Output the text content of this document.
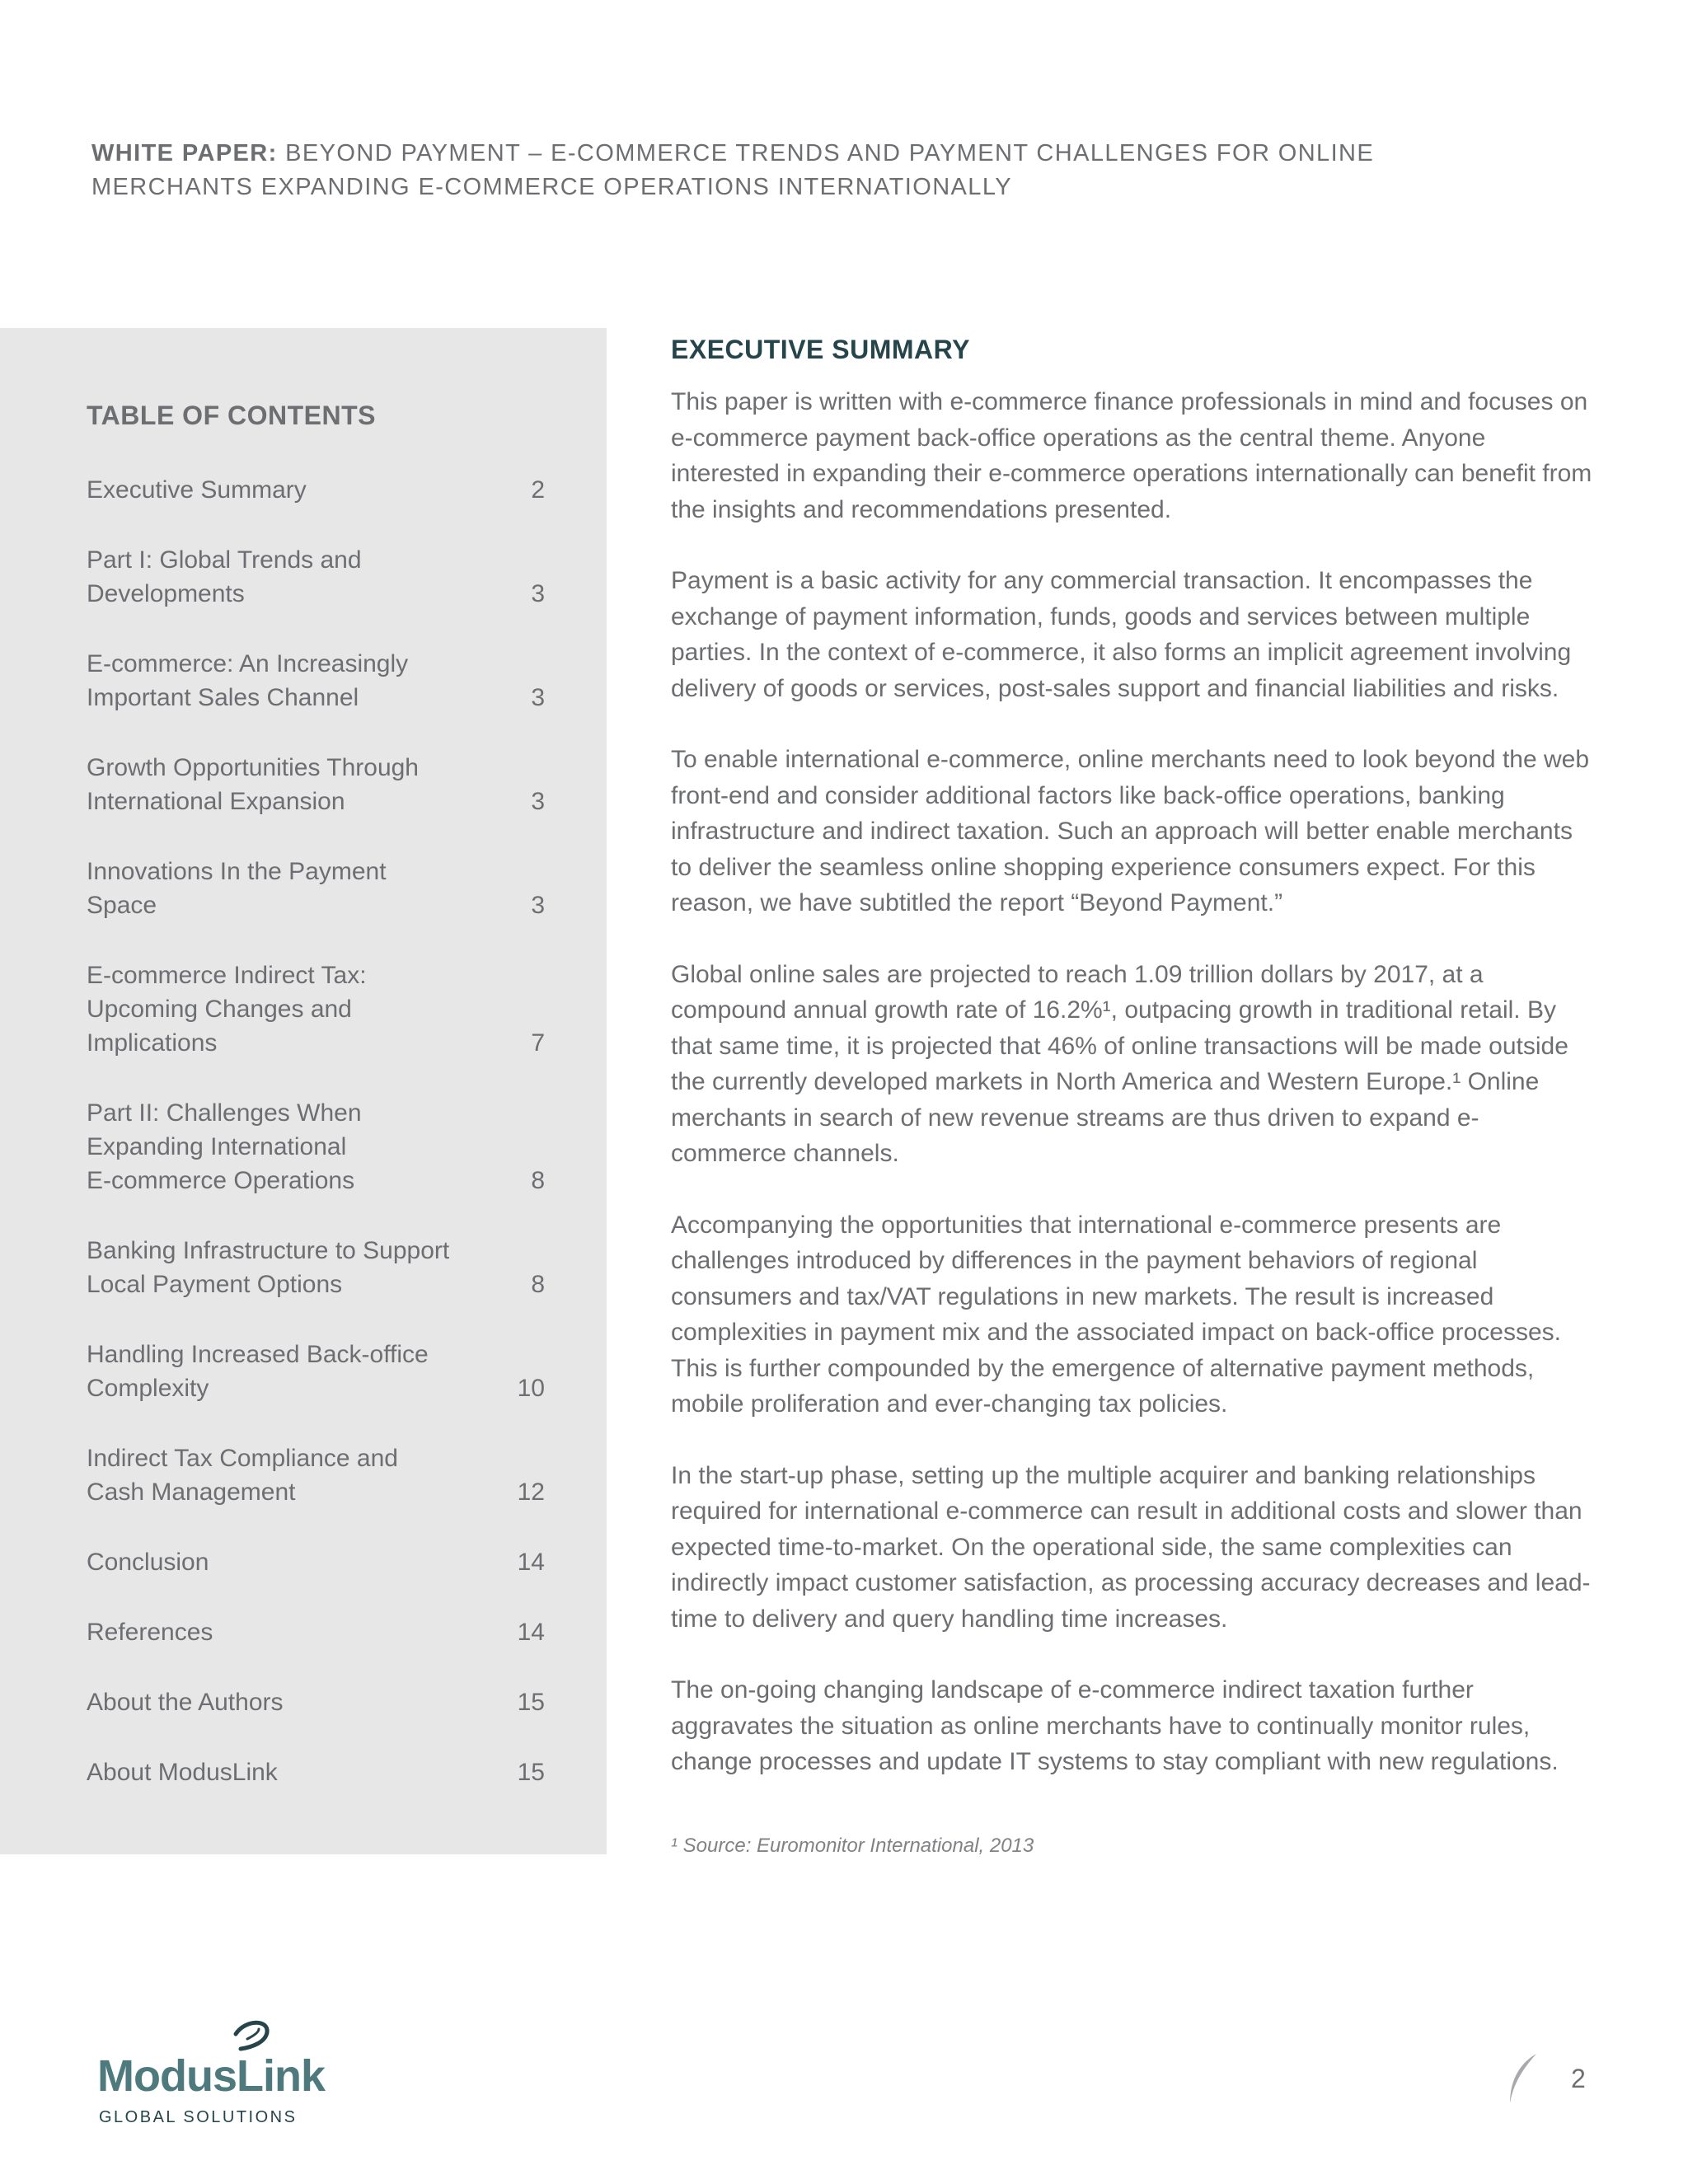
WHITE PAPER: BEYOND PAYMENT – E-COMMERCE TRENDS AND PAYMENT CHALLENGES FOR ONLINE MERCHANTS EXPANDING E-COMMERCE OPERATIONS INTERNATIONALLY
TABLE OF CONTENTS
Executive Summary	2
Part I: Global Trends and
Developments	3
E-commerce: An Increasingly
Important Sales Channel	3
Growth Opportunities Through
International Expansion	3
Innovations In the Payment
Space	3
E-commerce Indirect Tax:
Upcoming Changes and
Implications	7
Part II: Challenges When
Expanding International
E-commerce Operations	8
Banking Infrastructure to Support
Local Payment Options	8
Handling Increased Back-office
Complexity	10
Indirect Tax Compliance and
Cash Management	12
Conclusion	14
References	14
About the Authors	15
About ModusLink	15
EXECUTIVE SUMMARY

This paper is written with e-commerce finance professionals in mind and focuses on e-commerce payment back-office operations as the central theme. Anyone interested in expanding their e-commerce operations internationally can benefit from the insights and recommendations presented.

Payment is a basic activity for any commercial transaction. It encompasses the exchange of payment information, funds, goods and services between multiple parties. In the context of e-commerce, it also forms an implicit agreement involving delivery of goods or services, post-sales support and financial liabilities and risks.

To enable international e-commerce, online merchants need to look beyond the web front-end and consider additional factors like back-office operations, banking infrastructure and indirect taxation. Such an approach will better enable merchants to deliver the seamless online shopping experience consumers expect. For this reason, we have subtitled the report “Beyond Payment.”

Global online sales are projected to reach 1.09 trillion dollars by 2017, at a compound annual growth rate of 16.2%¹, outpacing growth in traditional retail. By that same time, it is projected that 46% of online transactions will be made outside the currently developed markets in North America and Western Europe.¹ Online merchants in search of new revenue streams are thus driven to expand e-commerce channels.

Accompanying the opportunities that international e-commerce presents are challenges introduced by differences in the payment behaviors of regional consumers and tax/VAT regulations in new markets. The result is increased complexities in payment mix and the associated impact on back-office processes. This is further compounded by the emergence of alternative payment methods, mobile proliferation and ever-changing tax policies.

In the start-up phase, setting up the multiple acquirer and banking relationships required for international e-commerce can result in additional costs and slower than expected time-to-market. On the operational side, the same complexities can indirectly impact customer satisfaction, as processing accuracy decreases and lead-time to delivery and query handling time increases.

The on-going changing landscape of e-commerce indirect taxation further aggravates the situation as online merchants have to continually monitor rules, change processes and update IT systems to stay compliant with new regulations.

¹ Source: Euromonitor International, 2013
ModusLink
GLOBAL SOLUTIONS
2
